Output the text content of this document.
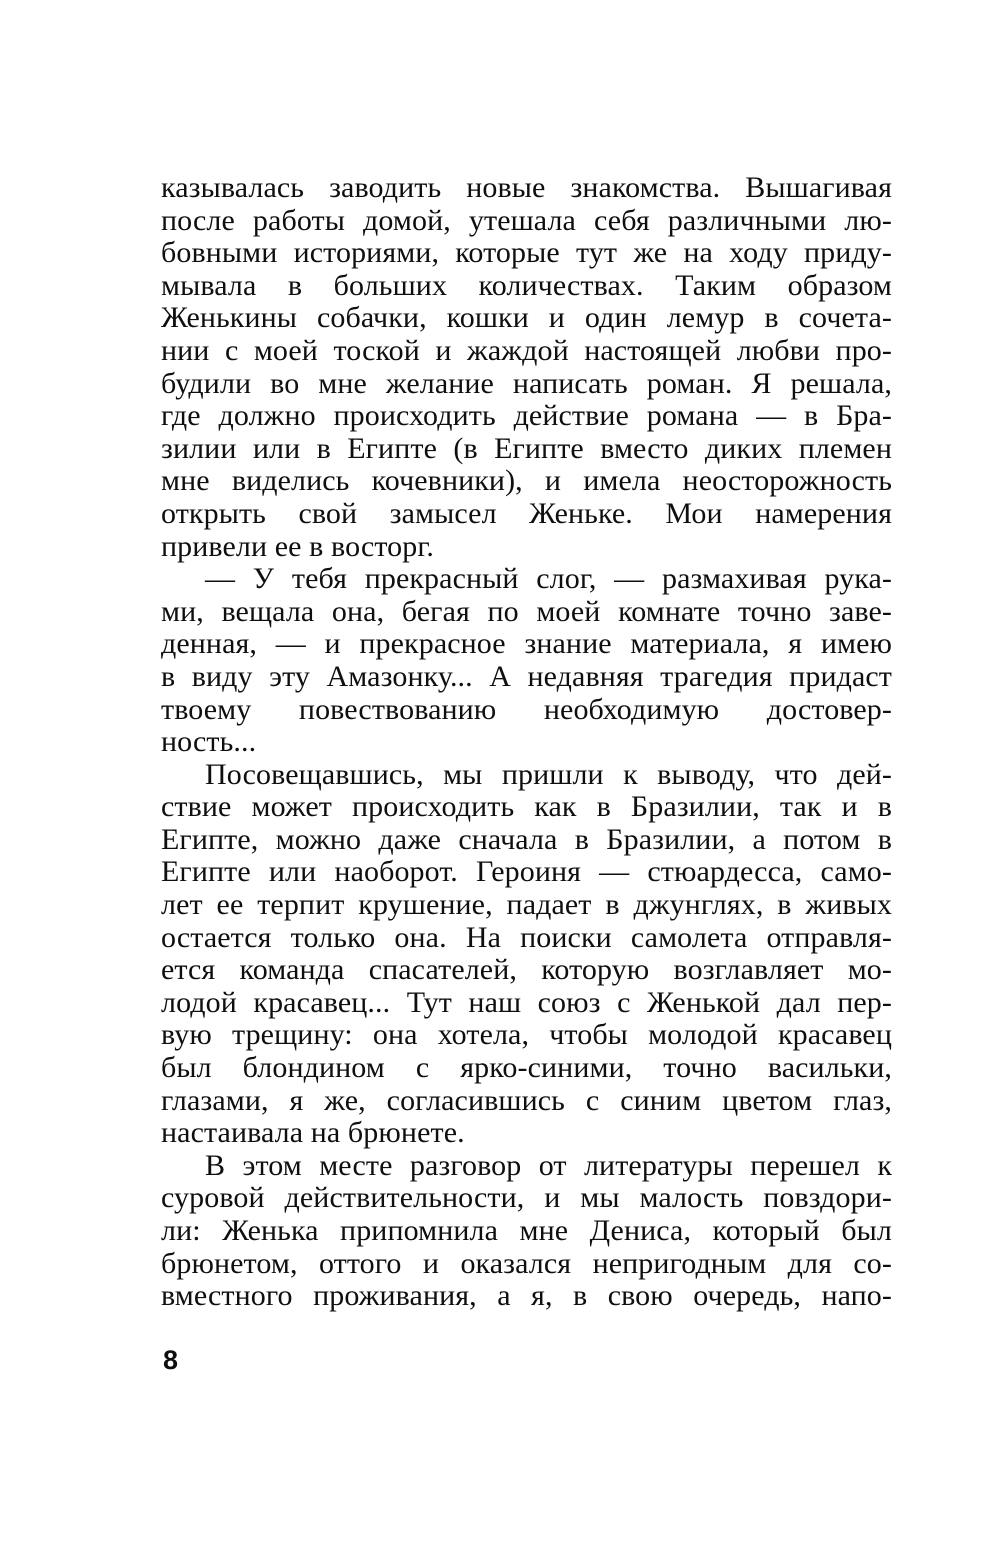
казывалась заводить новые знакомства. Вышагивая
после работы домой, утешала себя различными лю-
бовными историями, которые тут же на ходу приду-
мывала в больших количествах. Таким образом
Женькины собачки, кошки и один лемур в сочета-
нии с моей тоской и жаждой настоящей любви про-
будили во мне желание написать роман. Я решала,
где должно происходить действие романа — в Бра-
зилии или в Египте (в Египте вместо диких племен
мне виделись кочевники), и имела неосторожность
открыть свой замысел Женьке. Мои намерения
привели ее в восторг.
— У тебя прекрасный слог, — размахивая рука-
ми, вещала она, бегая по моей комнате точно заве-
денная, — и прекрасное знание материала, я имею
в виду эту Амазонку... А недавняя трагедия придаст
твоему повествованию необходимую достовер-
ность...
Посовещавшись, мы пришли к выводу, что дей-
ствие может происходить как в Бразилии, так и в
Египте, можно даже сначала в Бразилии, а потом в
Египте или наоборот. Героиня — стюардесса, само-
лет ее терпит крушение, падает в джунглях, в живых
остается только она. На поиски самолета отправля-
ется команда спасателей, которую возглавляет мо-
лодой красавец... Тут наш союз с Женькой дал пер-
вую трещину: она хотела, чтобы молодой красавец
был блондином с ярко-синими, точно васильки,
глазами, я же, согласившись с синим цветом глаз,
настаивала на брюнете.
В этом месте разговор от литературы перешел к
суровой действительности, и мы малость повздори-
ли: Женька припомнила мне Дениса, который был
брюнетом, оттого и оказался непригодным для со-
вместного проживания, а я, в свою очередь, напо-
8
